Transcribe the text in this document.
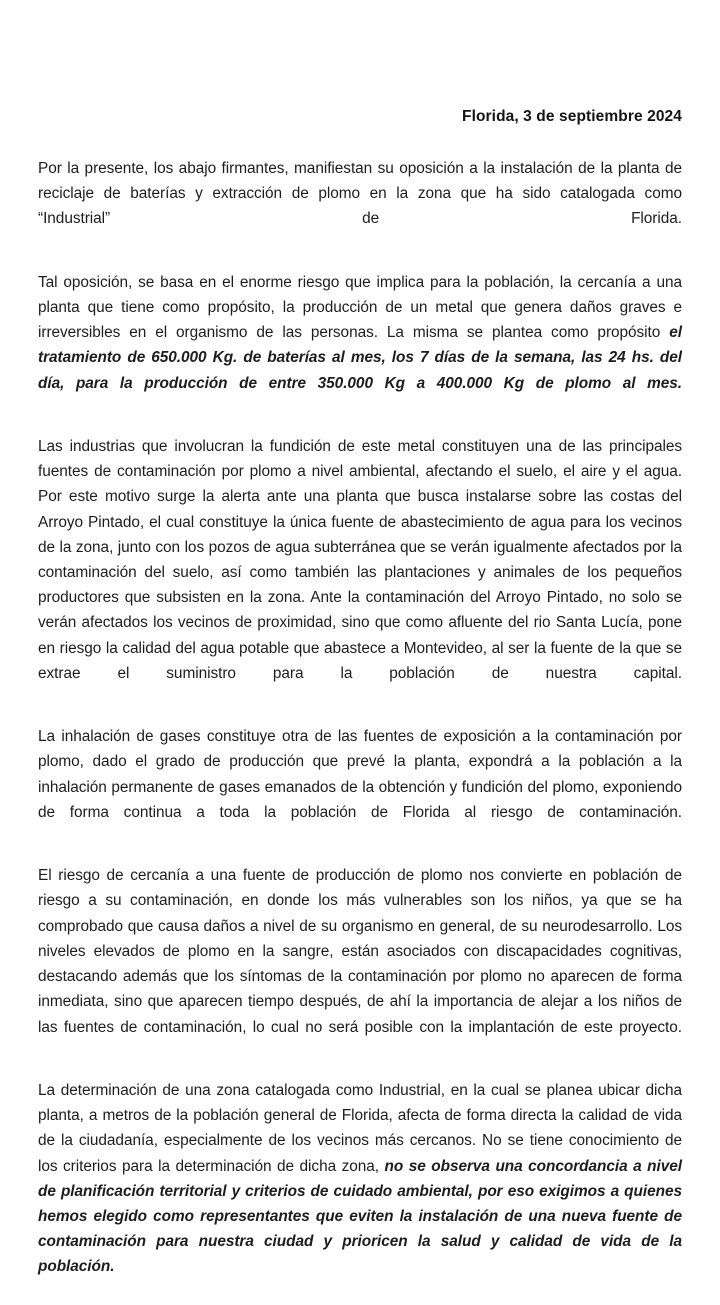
Florida, 3 de septiembre 2024

Por la presente, los abajo firmantes, manifiestan su oposición a la instalación de la planta de reciclaje de baterías y extracción de plomo en la zona que ha sido catalogada como “Industrial” de Florida.

Tal oposición, se basa en el enorme riesgo que implica para la población, la cercanía a una planta que tiene como propósito, la producción de un metal que genera daños graves e irreversibles en el organismo de las personas. La misma se plantea como propósito el tratamiento de 650.000 Kg. de baterías al mes, los 7 días de la semana, las 24 hs. del día, para la producción de entre 350.000 Kg a 400.000 Kg de plomo al mes.

Las industrias que involucran la fundición de este metal constituyen una de las principales fuentes de contaminación por plomo a nivel ambiental, afectando el suelo, el aire y el agua. Por este motivo surge la alerta ante una planta que busca instalarse sobre las costas del Arroyo Pintado, el cual constituye la única fuente de abastecimiento de agua para los vecinos de la zona, junto con los pozos de agua subterránea que se verán igualmente afectados por la contaminación del suelo, así como también las plantaciones y animales de los pequeños productores que subsisten en la zona. Ante la contaminación del Arroyo Pintado, no solo se verán afectados los vecinos de proximidad, sino que como afluente del rio Santa Lucía, pone en riesgo la calidad del agua potable que abastece a Montevideo, al ser la fuente de la que se extrae el suministro para la población de nuestra capital.

La inhalación de gases constituye otra de las fuentes de exposición a la contaminación por plomo, dado el grado de producción que prevé la planta, expondrá a la población a la inhalación permanente de gases emanados de la obtención y fundición del plomo, exponiendo de forma continua a toda la población de Florida al riesgo de contaminación.

El riesgo de cercanía a una fuente de producción de plomo nos convierte en población de riesgo a su contaminación, en donde los más vulnerables son los niños, ya que se ha comprobado que causa daños a nivel de su organismo en general, de su neurodesarrollo. Los niveles elevados de plomo en la sangre, están asociados con discapacidades cognitivas, destacando además que los síntomas de la contaminación por plomo no aparecen de forma inmediata, sino que aparecen tiempo después, de ahí la importancia de alejar a los niños de las fuentes de contaminación, lo cual no será posible con la implantación de este proyecto.

La determinación de una zona catalogada como Industrial, en la cual se planea ubicar dicha planta, a metros de la población general de Florida, afecta de forma directa la calidad de vida de la ciudadanía, especialmente de los vecinos más cercanos. No se tiene conocimiento de los criterios para la determinación de dicha zona, no se observa una concordancia a nivel de planificación territorial y criterios de cuidado ambiental, por eso exigimos a quienes hemos elegido como representantes que eviten la instalación de una nueva fuente de contaminación para nuestra ciudad y prioricen la salud y calidad de vida de la población.
